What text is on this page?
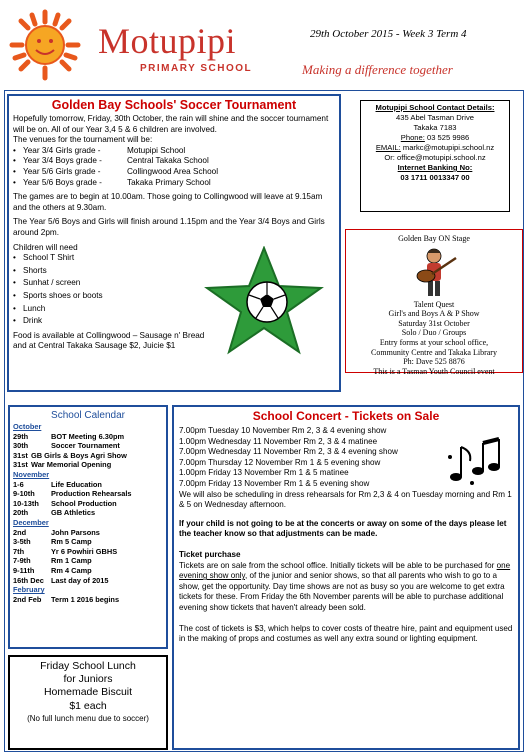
Motupipi
PRIMARY SCHOOL
29th October 2015 - Week 3 Term 4
Making a difference together
Golden Bay Schools' Soccer Tournament

Hopefully tomorrow, Friday, 30th October, the rain will shine and the soccer tournament will be on. All of our Year 3,4 5 & 6 children are involved.

The venues for the tournament will be:
• Year 3/4 Girls grade -	Motupipi School
• Year 3/4 Boys grade -	Central Takaka School
• Year 5/6 Girls grade -	Collingwood Area School
• Year 5/6 Boys grade -	Takaka Primary School

The games are to begin at 10.00am. Those going to Collingwood will leave at 9.15am and the others at 9.30am.

The Year 5/6 Boys and Girls will finish around 1.15pm and the Year 3/4 Boys and Girls around 2pm.

Children will need
• School T Shirt
• Shorts
• Sunhat / screen
• Sports shoes or boots
• Lunch
• Drink
Food is available at Collingwood – Sausage n' Bread
and at Central Takaka Sausage $2, Juicie $1
Motupipi School Contact Details:
435 Abel Tasman Drive
Takaka 7183
Phone: 03 525 9986
EMAIL: markc@motupipi.school.nz
Or: office@motupipi.school.nz
Internet Banking No:
03 1711 0013347 00
Golden Bay ON Stage
Talent Quest
Girl's and Boys A & P Show
Saturday 31st October
Solo / Duo / Groups
Entry forms at your school office,
Community Centre and Takaka Library
Ph: Dave 525 8876
This is a Tasman Youth Council event
School Calendar
October
29th	BOT Meeting 6.30pm
30th	Soccer Tournament
31st GB Girls & Boys Agri Show
31st War Memorial Opening
November
1-6	Life Education
9-10th	Production Rehearsals
10-13th	School Production
20th	GB Athletics
December
2nd	John Parsons
3-5th	Rm 5 Camp
7th	Yr 6 Powhiri GBHS
7-9th	Rm 1 Camp
9-11th	Rm 4 Camp
16th Dec Last day of 2015
February
2nd Feb	Term 1 2016 begins
Friday School Lunch
for Juniors
Homemade Biscuit
$1 each
(No full lunch menu due to soccer)
School Concert - Tickets on Sale
7.00pm Tuesday 10 November Rm 2, 3 & 4 evening show
1.00pm Wednesday 11 November Rm 2, 3 & 4 matinee
7.00pm Wednesday 11 November Rm 2, 3 & 4 evening show
7.00pm Thursday 12 November Rm 1 & 5 evening show
1.00pm Friday 13 November Rm 1 & 5 matinee
7.00pm Friday 13 November Rm 1 & 5 evening show

We will also be scheduling in dress rehearsals for Rm 2,3 & 4 on Tuesday morning and Rm 1 & 5 on Wednesday afternoon.

If your child is not going to be at the concerts or away on some of the days please let the teacher know so that adjustments can be made.

Ticket purchase

Tickets are on sale from the school office. Initially tickets will be able to be purchased for one evening show only, of the junior and senior shows, so that all parents who wish to go to a show, get the opportunity. Day time shows are not as busy so you are welcome to get extra tickets for these. From Friday the 6th November parents will be able to purchase additional evening show tickets that haven't already been sold.

The cost of tickets is $3, which helps to cover costs of theatre hire, paint and equipment used in the making of props and costumes as well any extra sound or lighting equipment.
